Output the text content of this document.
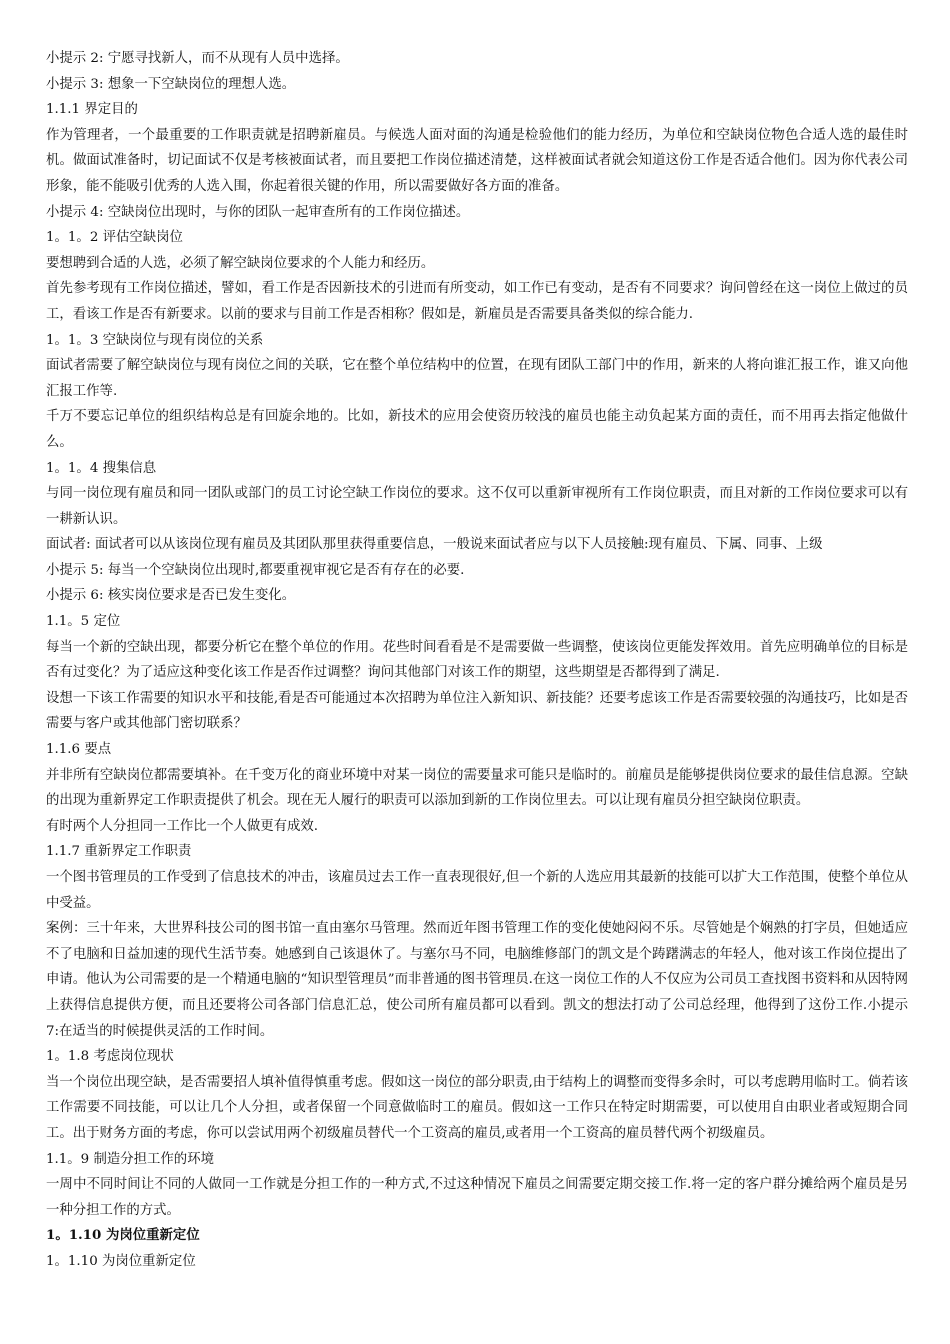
小提示 2: 宁愿寻找新人，而不从现有人员中选择。

小提示 3: 想象一下空缺岗位的理想人选。

1.1.1 界定目的

作为管理者，一个最重要的工作职责就是招聘新雇员。与候选人面对面的沟通是检验他们的能力经历，为单位和空缺岗位物色合适人选的最佳时机。做面试准备时，切记面试不仅是考核被面试者，而且要把工作岗位描述清楚，这样被面试者就会知道这份工作是否适合他们。因为你代表公司形象，能不能吸引优秀的人选入围，你起着很关键的作用，所以需要做好各方面的准备。

小提示 4: 空缺岗位出现时，与你的团队一起审查所有的工作岗位描述。

1。1。2 评估空缺岗位

要想聘到合适的人选，必须了解空缺岗位要求的个人能力和经历。

首先参考现有工作岗位描述，譬如，看工作是否因新技术的引进而有所变动，如工作已有变动，是否有不同要求？询问曾经在这一岗位上做过的员工，看该工作是否有新要求。以前的要求与目前工作是否相称？假如是，新雇员是否需要具备类似的综合能力.

1。1。3 空缺岗位与现有岗位的关系

面试者需要了解空缺岗位与现有岗位之间的关联，它在整个单位结构中的位置，在现有团队工部门中的作用，新来的人将向谁汇报工作，谁又向他汇报工作等.

千万不要忘记单位的组织结构总是有回旋余地的。比如，新技术的应用会使资历较浅的雇员也能主动负起某方面的责任，而不用再去指定他做什么。

1。1。4 搜集信息

与同一岗位现有雇员和同一团队或部门的员工讨论空缺工作岗位的要求。这不仅可以重新审视所有工作岗位职责，而且对新的工作岗位要求可以有一耕新认识。

面试者: 面试者可以从该岗位现有雇员及其团队那里获得重要信息，一般说来面试者应与以下人员接触:现有雇员、下属、同事、上级

小提示 5: 每当一个空缺岗位出现时,都要重视审视它是否有存在的必要.

小提示 6: 核实岗位要求是否已发生变化。

1.1。5 定位

每当一个新的空缺出现，都要分析它在整个单位的作用。花些时间看看是不是需要做一些调整，使该岗位更能发挥效用。首先应明确单位的目标是否有过变化？为了适应这种变化该工作是否作过调整？询问其他部门对该工作的期望，这些期望是否都得到了满足.

设想一下该工作需要的知识水平和技能,看是否可能通过本次招聘为单位注入新知识、新技能？还要考虑该工作是否需要较强的沟通技巧，比如是否需要与客户或其他部门密切联系？

1.1.6 要点

并非所有空缺岗位都需要填补。在千变万化的商业环境中对某一岗位的需要量求可能只是临时的。前雇员是能够提供岗位要求的最佳信息源。空缺的出现为重新界定工作职责提供了机会。现在无人履行的职责可以添加到新的工作岗位里去。可以让现有雇员分担空缺岗位职责。

有时两个人分担同一工作比一个人做更有成效.

1.1.7 重新界定工作职责

一个图书管理员的工作受到了信息技术的冲击，该雇员过去工作一直表现很好,但一个新的人选应用其最新的技能可以扩大工作范围，使整个单位从中受益。

案例：三十年来，大世界科技公司的图书馆一直由塞尔马管理。然而近年图书管理工作的变化使她闷闷不乐。尽管她是个娴熟的打字员，但她适应不了电脑和日益加速的现代生活节奏。她感到自己该退休了。与塞尔马不同，电脑维修部门的凯文是个踌躇满志的年轻人，他对该工作岗位提出了申请。他认为公司需要的是一个精通电脑的“知识型管理员”而非普通的图书管理员.在这一岗位工作的人不仅应为公司员工查找图书资料和从因特网上获得信息提供方便，而且还要将公司各部门信息汇总，使公司所有雇员都可以看到。凯文的想法打动了公司总经理，他得到了这份工作.小提示 7:在适当的时候提供灵活的工作时间。

1。1.8 考虑岗位现状

当一个岗位出现空缺，是否需要招人填补值得慎重考虑。假如这一岗位的部分职责,由于结构上的调整而变得多余时，可以考虑聘用临时工。倘若该工作需要不同技能，可以让几个人分担，或者保留一个同意做临时工的雇员。假如这一工作只在特定时期需要，可以使用自由职业者或短期合同工。出于财务方面的考虑，你可以尝试用两个初级雇员替代一个工资高的雇员,或者用一个工资高的雇员替代两个初级雇员。

1.1。9 制造分担工作的环境

一周中不同时间让不同的人做同一工作就是分担工作的一种方式,不过这种情况下雇员之间需要定期交接工作.将一定的客户群分摊给两个雇员是另一种分担工作的方式。

1。1.10 为岗位重新定位

1。1.10 为岗位重新定位
